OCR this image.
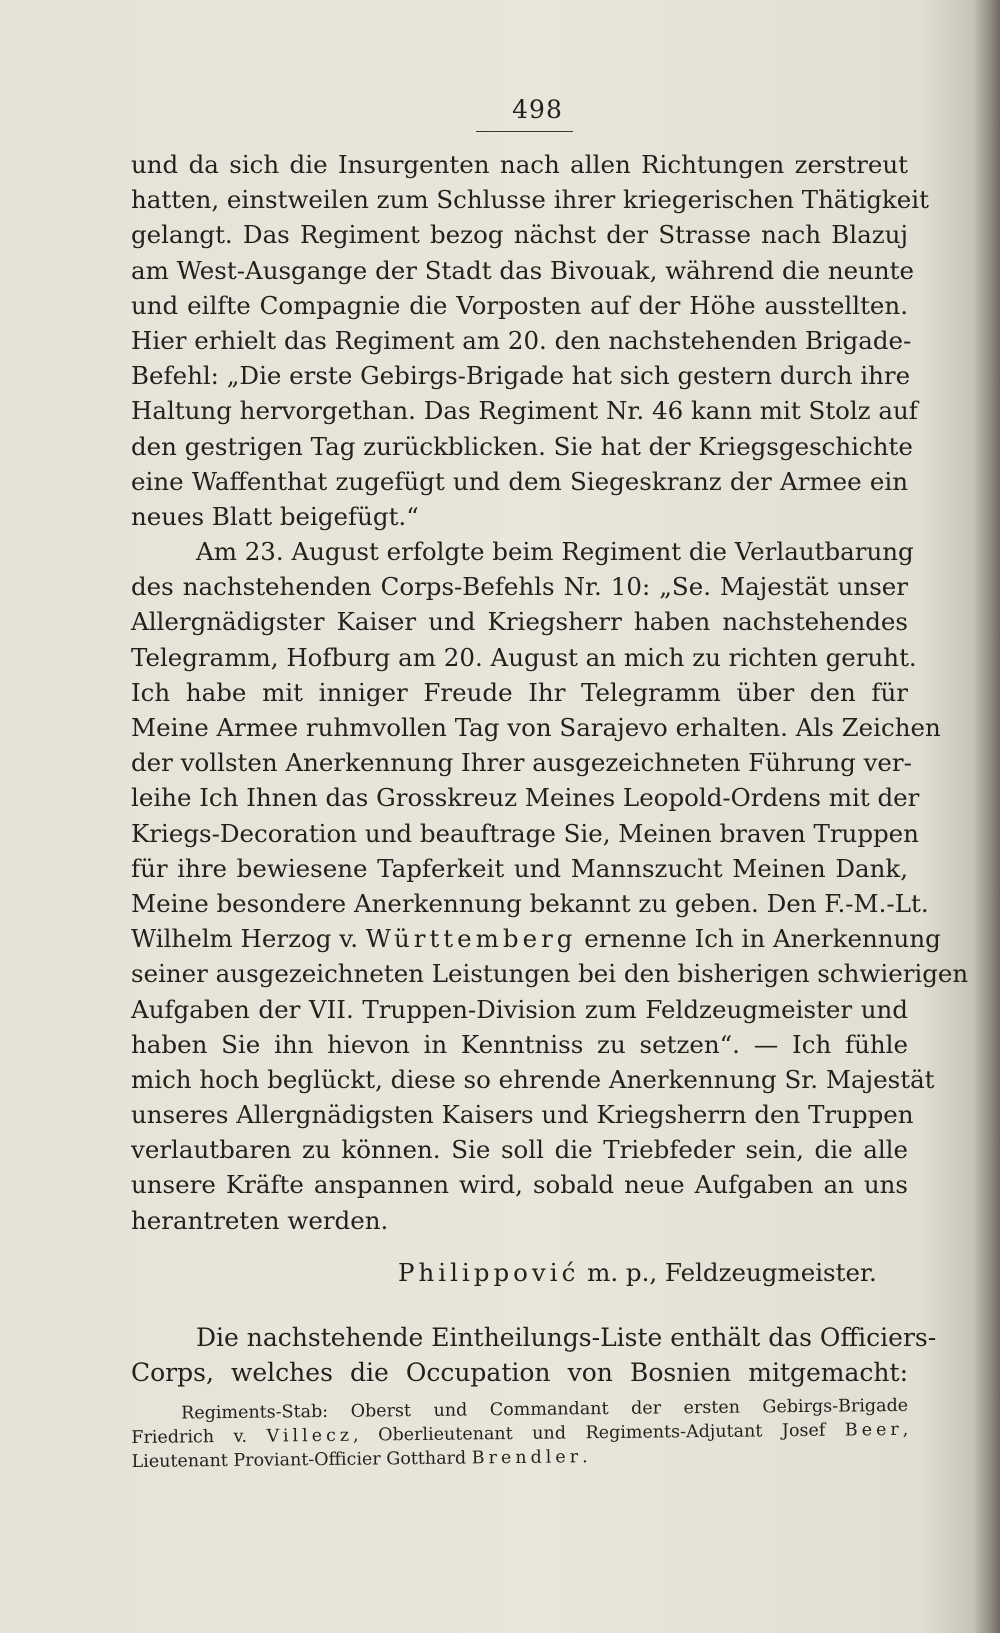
498
und da sich die Insurgenten nach allen Richtungen zerstreut
hatten, einstweilen zum Schlusse ihrer kriegerischen Thätigkeit
gelangt. Das Regiment bezog nächst der Strasse nach Blazuj
am West-Ausgange der Stadt das Bivouak, während die neunte
und eilfte Compagnie die Vorposten auf der Höhe ausstellten.
Hier erhielt das Regiment am 20. den nachstehenden Brigade-
Befehl: „Die erste Gebirgs-Brigade hat sich gestern durch ihre
Haltung hervorgethan. Das Regiment Nr. 46 kann mit Stolz auf
den gestrigen Tag zurückblicken. Sie hat der Kriegsgeschichte
eine Waffenthat zugefügt und dem Siegeskranz der Armee ein
neues Blatt beigefügt.“
Am 23. August erfolgte beim Regiment die Verlautbarung
des nachstehenden Corps-Befehls Nr. 10: „Se. Majestät unser
Allergnädigster Kaiser und Kriegsherr haben nachstehendes
Telegramm, Hofburg am 20. August an mich zu richten geruht.
Ich habe mit inniger Freude Ihr Telegramm über den für
Meine Armee ruhmvollen Tag von Sarajevo erhalten. Als Zeichen
der vollsten Anerkennung Ihrer ausgezeichneten Führung ver-
leihe Ich Ihnen das Grosskreuz Meines Leopold-Ordens mit der
Kriegs-Decoration und beauftrage Sie, Meinen braven Truppen
für ihre bewiesene Tapferkeit und Mannszucht Meinen Dank,
Meine besondere Anerkennung bekannt zu geben. Den F.-M.-Lt.
Wilhelm Herzog v. Württemberg ernenne Ich in Anerkennung
seiner ausgezeichneten Leistungen bei den bisherigen schwierigen
Aufgaben der VII. Truppen-Division zum Feldzeugmeister und
haben Sie ihn hievon in Kenntniss zu setzen“. — Ich fühle
mich hoch beglückt, diese so ehrende Anerkennung Sr. Majestät
unseres Allergnädigsten Kaisers und Kriegsherrn den Truppen
verlautbaren zu können. Sie soll die Triebfeder sein, die alle
unsere Kräfte anspannen wird, sobald neue Aufgaben an uns
herantreten werden.
Philippović m. p., Feldzeugmeister.
Die nachstehende Eintheilungs-Liste enthält das Officiers-
Corps, welches die Occupation von Bosnien mitgemacht:
Regiments-Stab: Oberst und Commandant der ersten Gebirgs-Brigade
Friedrich v. Villecz, Oberlieutenant und Regiments-Adjutant Josef Beer,
Lieutenant Proviant-Officier Gotthard Brendler.
